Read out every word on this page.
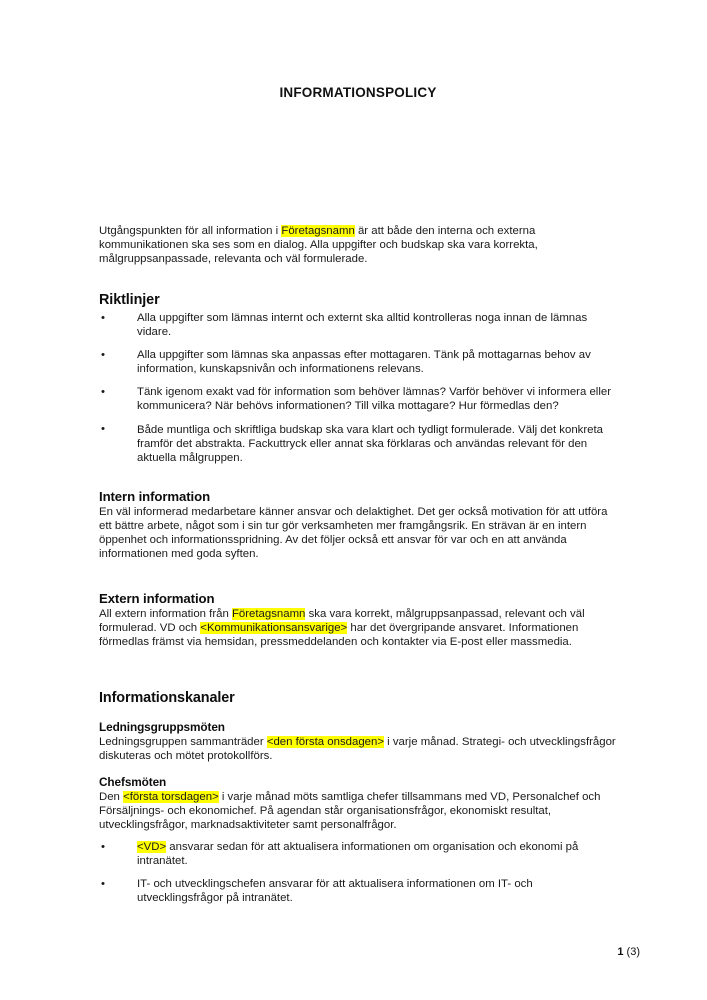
INFORMATIONSPOLICY

Utgångspunkten för all information i Företagsnamn är att både den interna och externa kommunikationen ska ses som en dialog. Alla uppgifter och budskap ska vara korrekta, målgruppsanpassade, relevanta och väl formulerade.

Riktlinjer
•	Alla uppgifter som lämnas internt och externt ska alltid kontrolleras noga innan de lämnas vidare.
•	Alla uppgifter som lämnas ska anpassas efter mottagaren. Tänk på mottagarnas behov av information, kunskapsnivån och informationens relevans.
•	Tänk igenom exakt vad för information som behöver lämnas? Varför behöver vi informera eller kommunicera? När behövs informationen? Till vilka mottagare? Hur förmedlas den?
•	Både muntliga och skriftliga budskap ska vara klart och tydligt formulerade. Välj det konkreta framför det abstrakta. Fackuttryck eller annat ska förklaras och användas relevant för den aktuella målgruppen.
Intern information

En väl informerad medarbetare känner ansvar och delaktighet. Det ger också motivation för att utföra ett bättre arbete, något som i sin tur gör verksamheten mer framgångsrik. En strävan är en intern öppenhet och informationsspridning. Av det följer också ett ansvar för var och en att använda informationen med goda syften.

Extern information

All extern information från Företagsnamn ska vara korrekt, målgruppsanpassad, relevant och väl formulerad. VD och <Kommunikationsansvarige> har det övergripande ansvaret. Informationen förmedlas främst via hemsidan, pressmeddelanden och kontakter via E-post eller massmedia.

Informationskanaler
Ledningsgruppsmöten

Ledningsgruppen sammanträder <den första onsdagen> i varje månad. Strategi- och utvecklingsfrågor diskuteras och mötet protokollförs.

Chefsmöten

Den <första torsdagen> i varje månad möts samtliga chefer tillsammans med VD, Personalchef och Försäljnings- och ekonomichef. På agendan står organisationsfrågor, ekonomiskt resultat, utvecklingsfrågor, marknadsaktiviteter samt personalfrågor.

•	<VD> ansvarar sedan för att aktualisera informationen om organisation och ekonomi på intranätet.
•	IT- och utvecklingschefen ansvarar för att aktualisera informationen om IT- och utvecklingsfrågor på intranätet.
1 (3)
